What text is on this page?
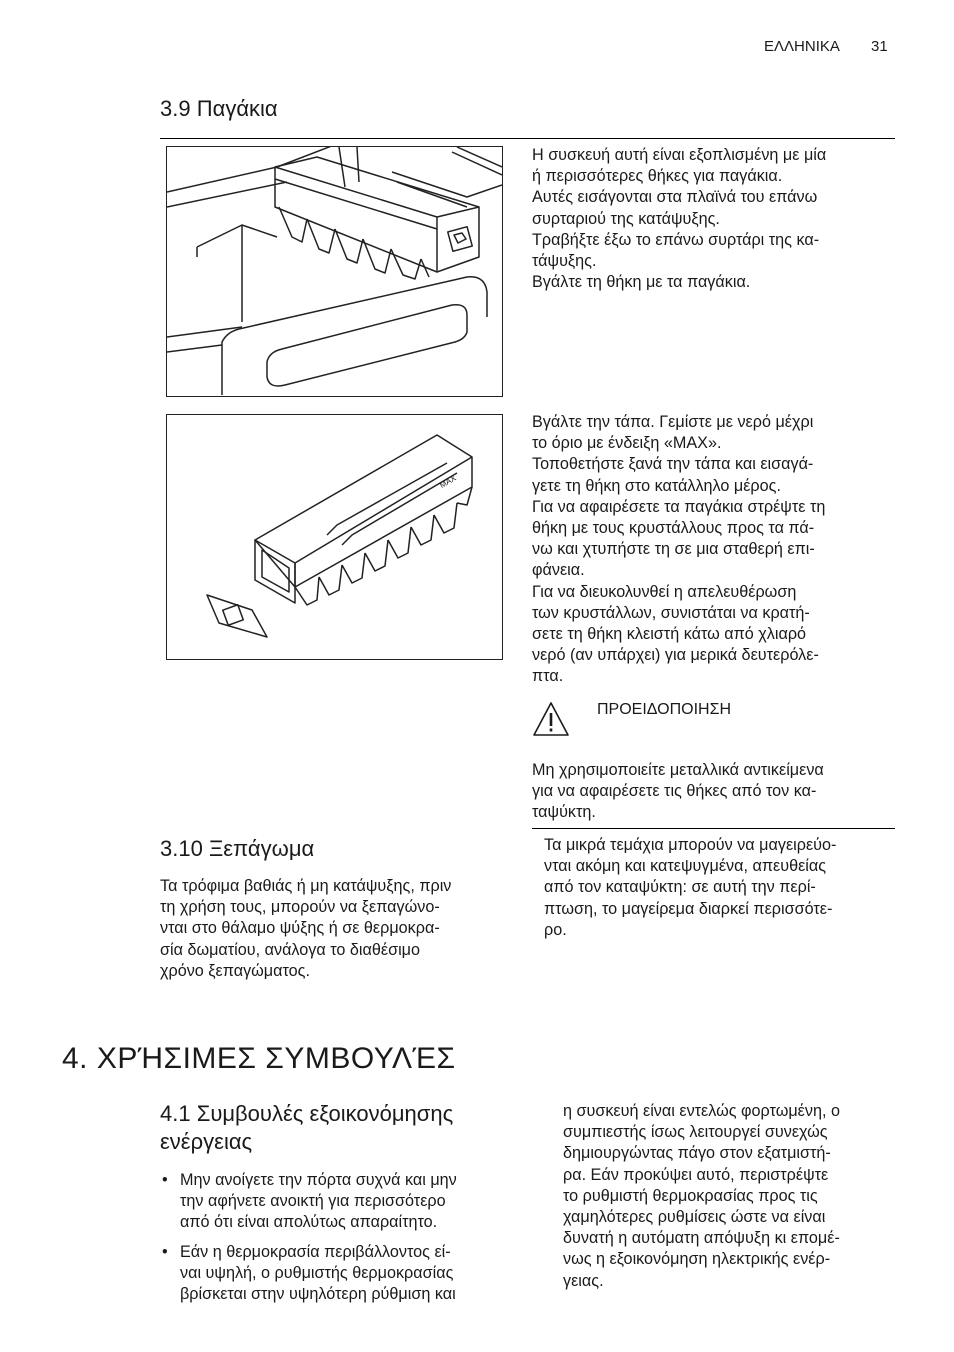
ΕΛΛΗΝΙΚΑ 31
3.9 Παγάκια
Η συσκευή αυτή είναι εξοπλισμένη με μία
ή περισσότερες θήκες για παγάκια.
Αυτές εισάγονται στα πλαϊνά του επάνω
συρταριού της κατάψυξης.
Τραβήξτε έξω το επάνω συρτάρι της κα-
τάψυξης.
Βγάλτε τη θήκη με τα παγάκια.
MAX
Βγάλτε την τάπα. Γεμίστε με νερό μέχρι
το όριο με ένδειξη «MAX».
Τοποθετήστε ξανά την τάπα και εισαγά-
γετε τη θήκη στο κατάλληλο μέρος.
Για να αφαιρέσετε τα παγάκια στρέψτε τη
θήκη με τους κρυστάλλους προς τα πά-
νω και χτυπήστε τη σε μια σταθερή επι-
φάνεια.
Για να διευκολυνθεί η απελευθέρωση
των κρυστάλλων, συνιστάται να κρατή-
σετε τη θήκη κλειστή κάτω από χλιαρό
νερό (αν υπάρχει) για μερικά δευτερόλε-
πτα.
ΠΡΟΕΙΔΟΠΟΙΗΣΗ
Μη χρησιμοποιείτε μεταλλικά αντικείμενα
για να αφαιρέσετε τις θήκες από τον κα-
ταψύκτη.
3.10 Ξεπάγωμα
Τα τρόφιμα βαθιάς ή μη κατάψυξης, πριν
τη χρήση τους, μπορούν να ξεπαγώνο-
νται στο θάλαμο ψύξης ή σε θερμοκρα-
σία δωματίου, ανάλογα το διαθέσιμο
χρόνο ξεπαγώματος.
Τα μικρά τεμάχια μπορούν να μαγειρεύο-
νται ακόμη και κατεψυγμένα, απευθείας
από τον καταψύκτη: σε αυτή την περί-
πτωση, το μαγείρεμα διαρκεί περισσότε-
ρο.
4. ΧΡΉΣΙΜΕΣ ΣΥΜΒΟΥΛΈΣ
4.1 Συμβουλές εξοικονόμησης
ενέργειας
• Μην ανοίγετε την πόρτα συχνά και μην
την αφήνετε ανοικτή για περισσότερο
από ότι είναι απολύτως απαραίτητο.
• Εάν η θερμοκρασία περιβάλλοντος εί-
ναι υψηλή, ο ρυθμιστής θερμοκρασίας
βρίσκεται στην υψηλότερη ρύθμιση και
η συσκευή είναι εντελώς φορτωμένη, ο
συμπιεστής ίσως λειτουργεί συνεχώς
δημιουργώντας πάγο στον εξατμιστή-
ρα. Εάν προκύψει αυτό, περιστρέψτε
το ρυθμιστή θερμοκρασίας προς τις
χαμηλότερες ρυθμίσεις ώστε να είναι
δυνατή η αυτόματη απόψυξη κι επομέ-
νως η εξοικονόμηση ηλεκτρικής ενέρ-
γειας.
